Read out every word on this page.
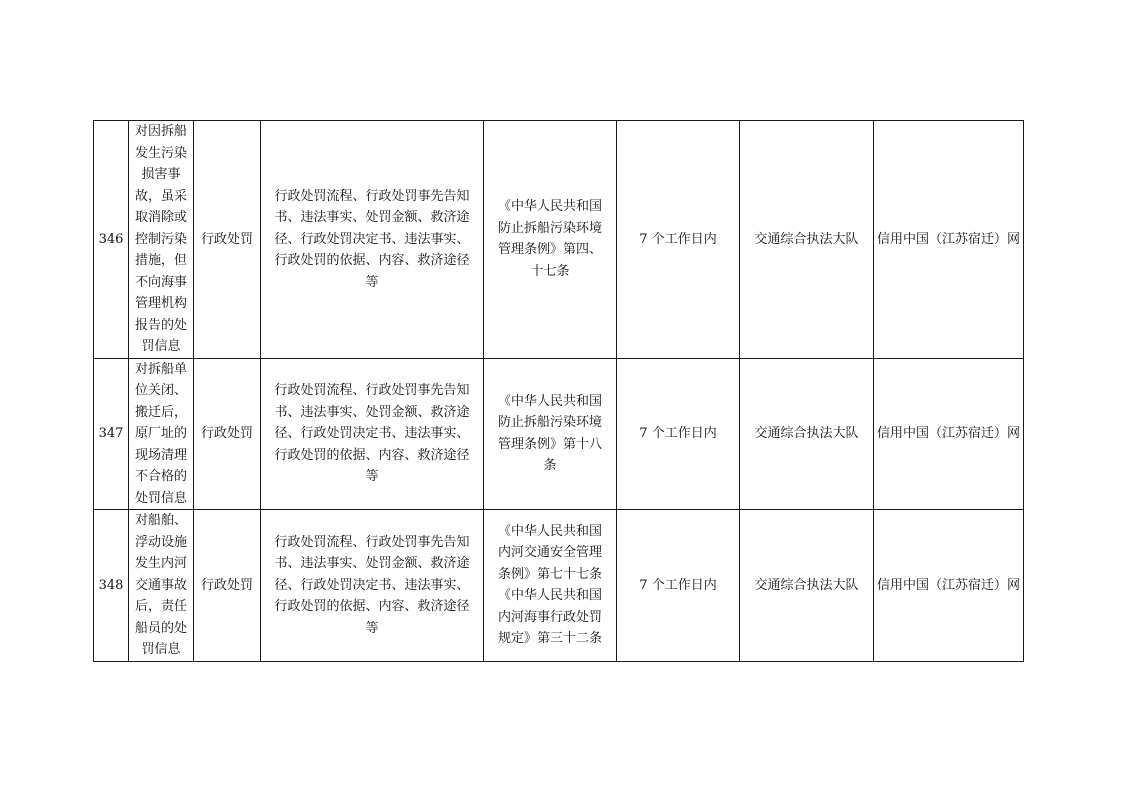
346	对因拆船发生污染损害事故，虽采取消除或控制污染措施，但不向海事管理机构报告的处罚信息	行政处罚	行政处罚流程、行政处罚事先告知书、违法事实、处罚金额、救济途径、行政处罚决定书、违法事实、行政处罚的依据、内容、救济途径等	《中华人民共和国防止拆船污染环境管理条例》第四、十七条	7 个工作日内	交通综合执法大队	信用中国（江苏宿迁）网

347	对拆船单位关闭、搬迁后，原厂址的现场清理不合格的处罚信息	行政处罚	行政处罚流程、行政处罚事先告知书、违法事实、处罚金额、救济途径、行政处罚决定书、违法事实、行政处罚的依据、内容、救济途径等	《中华人民共和国防止拆船污染环境管理条例》第十八条	7 个工作日内	交通综合执法大队	信用中国（江苏宿迁）网

348	对船舶、浮动设施发生内河交通事故后，责任船员的处罚信息	行政处罚	行政处罚流程、行政处罚事先告知书、违法事实、处罚金额、救济途径、行政处罚决定书、违法事实、行政处罚的依据、内容、救济途径等	《中华人民共和国内河交通安全管理条例》第七十七条《中华人民共和国内河海事行政处罚规定》第三十二条	7 个工作日内	交通综合执法大队	信用中国（江苏宿迁）网
